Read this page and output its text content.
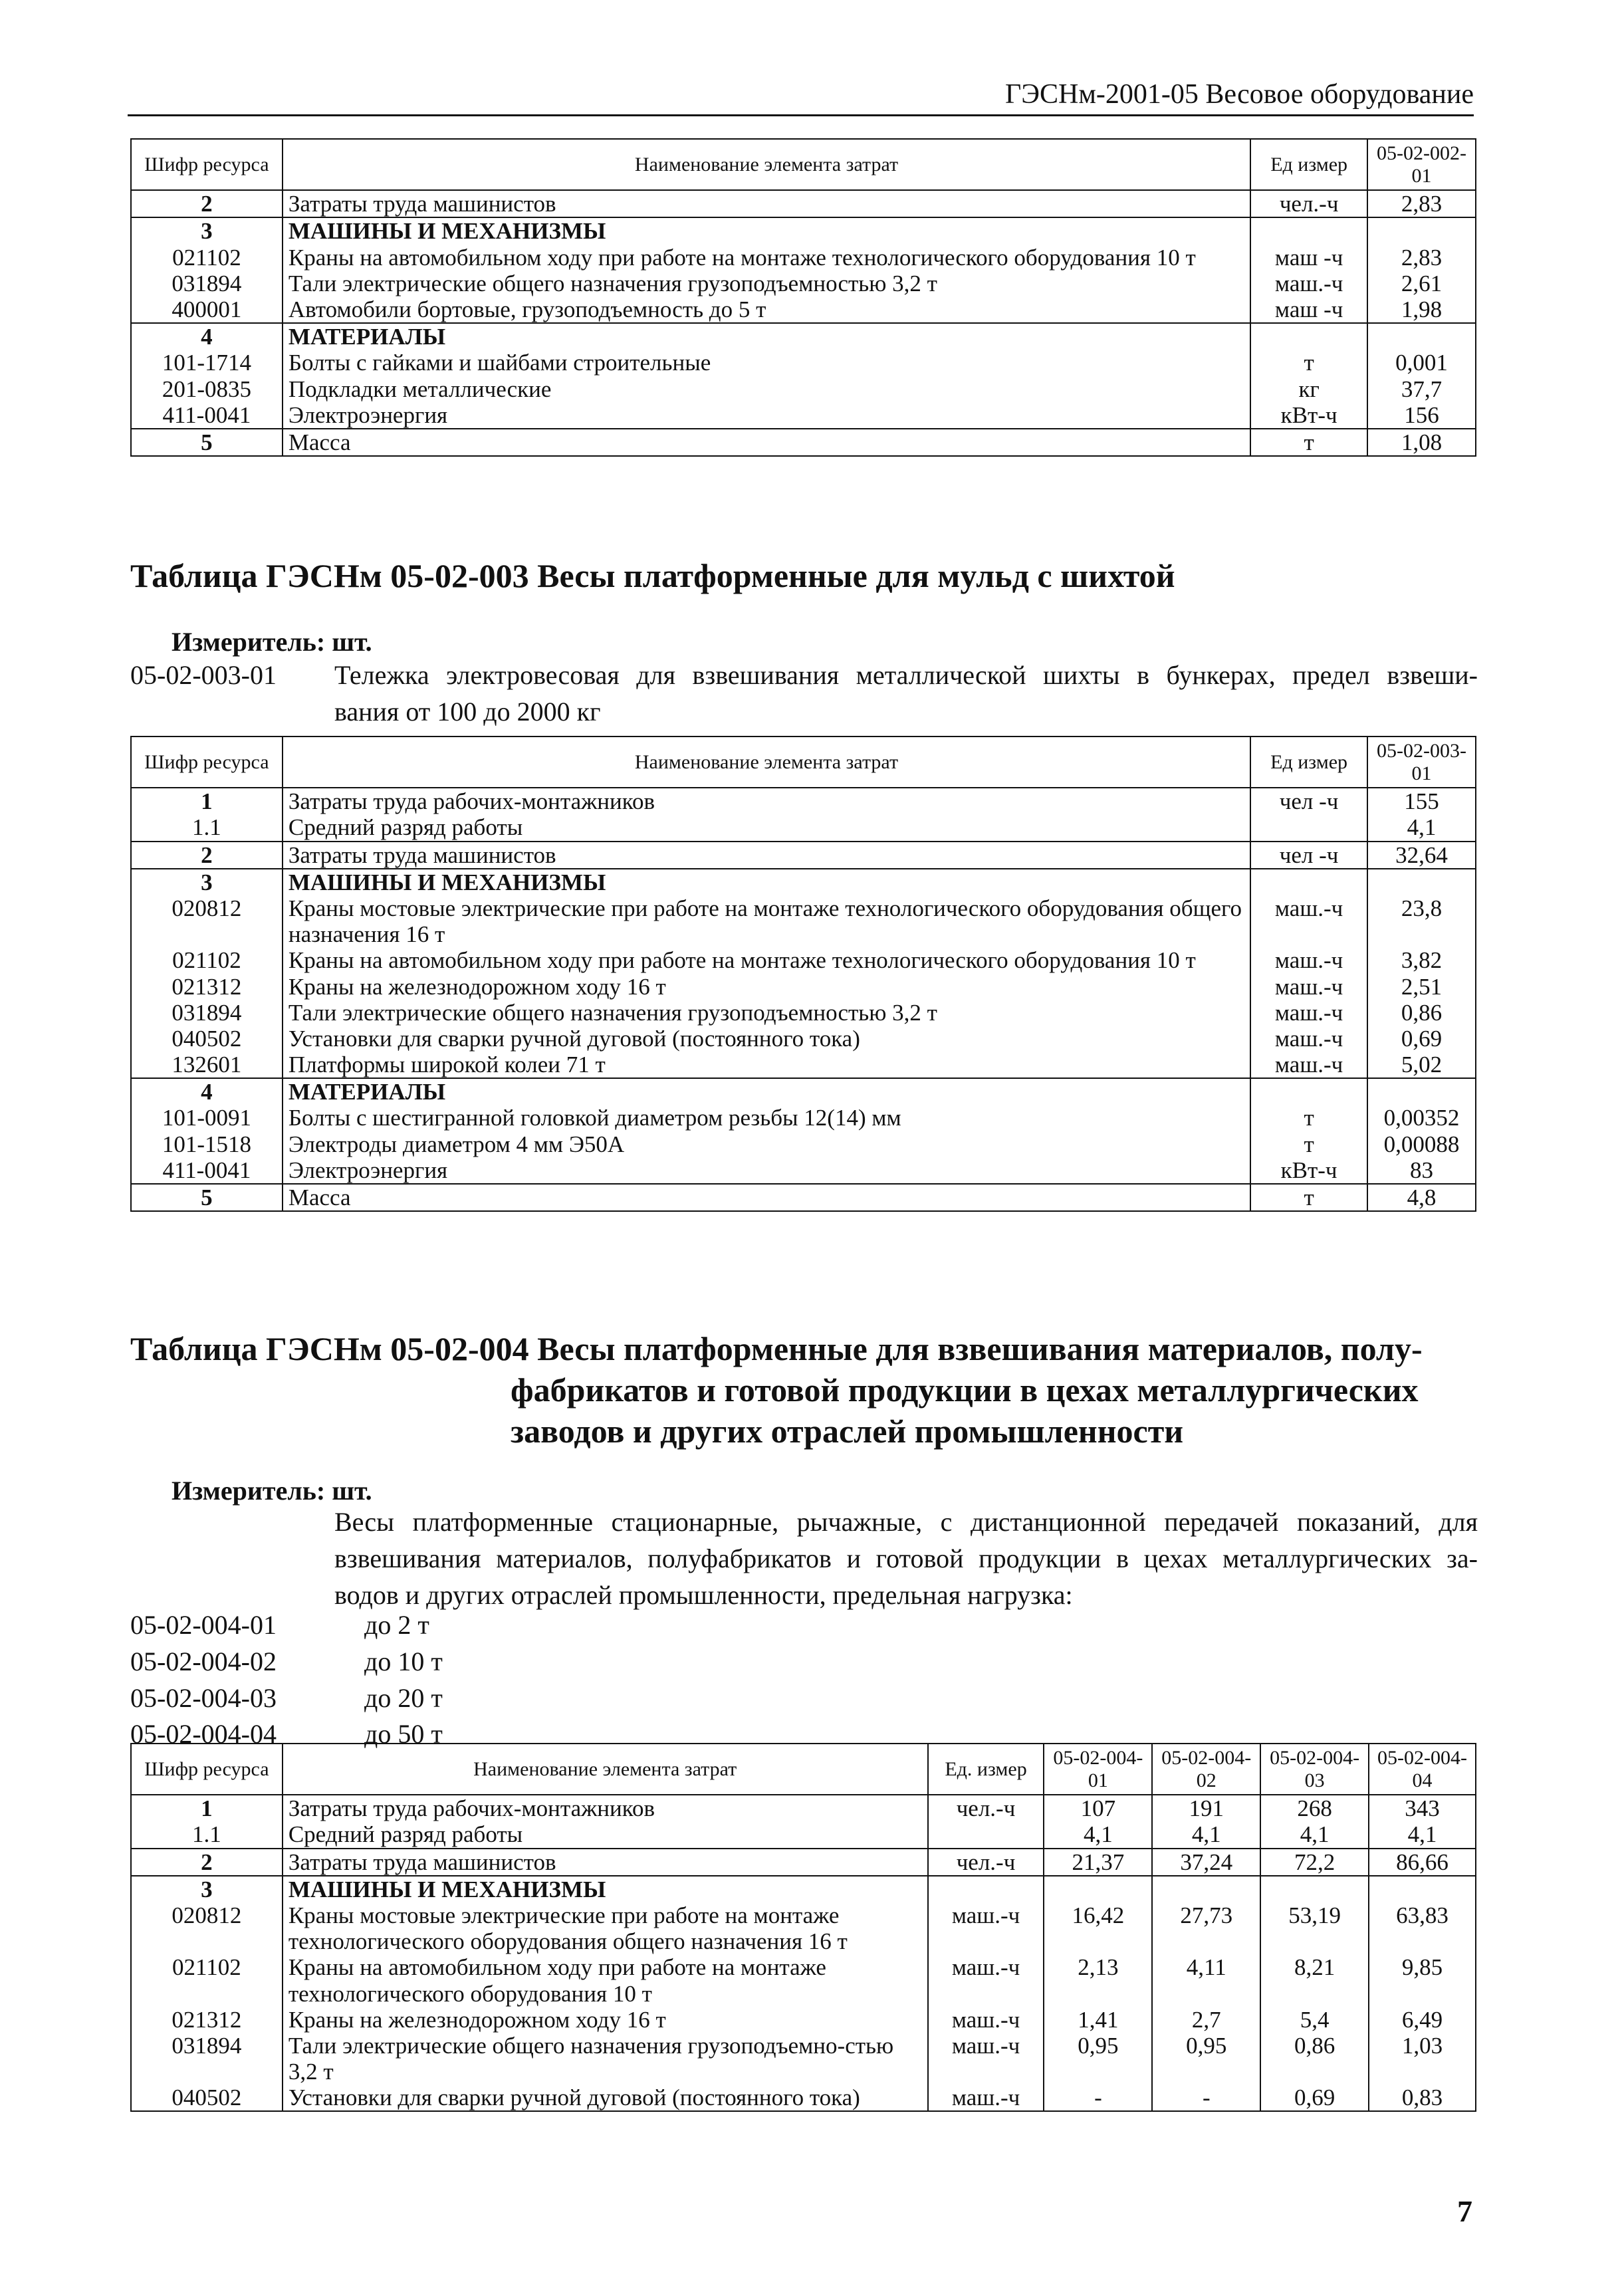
ГЭСНм-2001-05 Весовое оборудование
Шифр ресурса	Наименование элемента затрат	Ед измер	05-02-002-01
2	Затраты труда машинистов	чел.-ч	2,83
3	МАШИНЫ И МЕХАНИЗМЫ		
021102	Краны на автомобильном ходу при работе на монтаже технологического оборудования 10 т	маш -ч	2,83
031894	Тали электрические общего назначения грузоподъемностью 3,2 т	маш.-ч	2,61
400001	Автомобили бортовые, грузоподъемность до 5 т	маш -ч	1,98
4	МАТЕРИАЛЫ		
101-1714	Болты с гайками и шайбами строительные	т	0,001
201-0835	Подкладки металлические	кг	37,7
411-0041	Электроэнергия	кВт-ч	156
5	Масса	т	1,08
Таблица ГЭСНм 05-02-003 Весы платформенные для мульд с шихтой
Измеритель: шт.
05-02-003-01 Тележка электровесовая для взвешивания металлической шихты в бункерах, предел взвеши-
вания от 100 до 2000 кг
Шифр ресурса	Наименование элемента затрат	Ед измер	05-02-003-01
1	Затраты труда рабочих-монтажников	чел -ч	155
1.1	Средний разряд работы		4,1
2	Затраты труда машинистов	чел -ч	32,64
3	МАШИНЫ И МЕХАНИЗМЫ		
020812	Краны мостовые электрические при работе на монтаже технологического оборудования общего назначения 16 т	маш.-ч	23,8
021102	Краны на автомобильном ходу при работе на монтаже технологического оборудования 10 т	маш.-ч	3,82
021312	Краны на железнодорожном ходу 16 т	маш.-ч	2,51
031894	Тали электрические общего назначения грузоподъемностью 3,2 т	маш.-ч	0,86
040502	Установки для сварки ручной дуговой (постоянного тока)	маш.-ч	0,69
132601	Платформы широкой колеи 71 т	маш.-ч	5,02
4	МАТЕРИАЛЫ		
101-0091	Болты с шестигранной головкой диаметром резьбы 12(14) мм	т	0,00352
101-1518	Электроды диаметром 4 мм Э50А	т	0,00088
411-0041	Электроэнергия	кВт-ч	83
5	Масса	т	4,8
Таблица ГЭСНм 05-02-004 Весы платформенные для взвешивания материалов, полу-
фабрикатов и готовой продукции в цехах металлургических
заводов и других отраслей промышленности
Измеритель: шт.
Весы платформенные стационарные, рычажные, с дистанционной передачей показаний, для
взвешивания материалов, полуфабрикатов и готовой продукции в цехах металлургических за-
водов и других отраслей промышленности, предельная нагрузка:
05-02-004-01	до 2 т
05-02-004-02	до 10 т
05-02-004-03	до 20 т
05-02-004-04	до 50 т
Шифр ресурса	Наименование элемента затрат	Ед. измер	05-02-004-01	05-02-004-02	05-02-004-03	05-02-004-04
1	Затраты труда рабочих-монтажников	чел.-ч	107	191	268	343
1.1	Средний разряд работы		4,1	4,1	4,1	4,1
2	Затраты труда машинистов	чел.-ч	21,37	37,24	72,2	86,66
3	МАШИНЫ И МЕХАНИЗМЫ					
020812	Краны мостовые электрические при работе на монтаже технологического оборудования общего назначения 16 т	маш.-ч	16,42	27,73	53,19	63,83
021102	Краны на автомобильном ходу при работе на монтаже технологического оборудования 10 т	маш.-ч	2,13	4,11	8,21	9,85
021312	Краны на железнодорожном ходу 16 т	маш.-ч	1,41	2,7	5,4	6,49
031894	Тали электрические общего назначения грузоподъемно-стью 3,2 т	маш.-ч	0,95	0,95	0,86	1,03
040502	Установки для сварки ручной дуговой (постоянного тока)	маш.-ч	-	-	0,69	0,83
7
